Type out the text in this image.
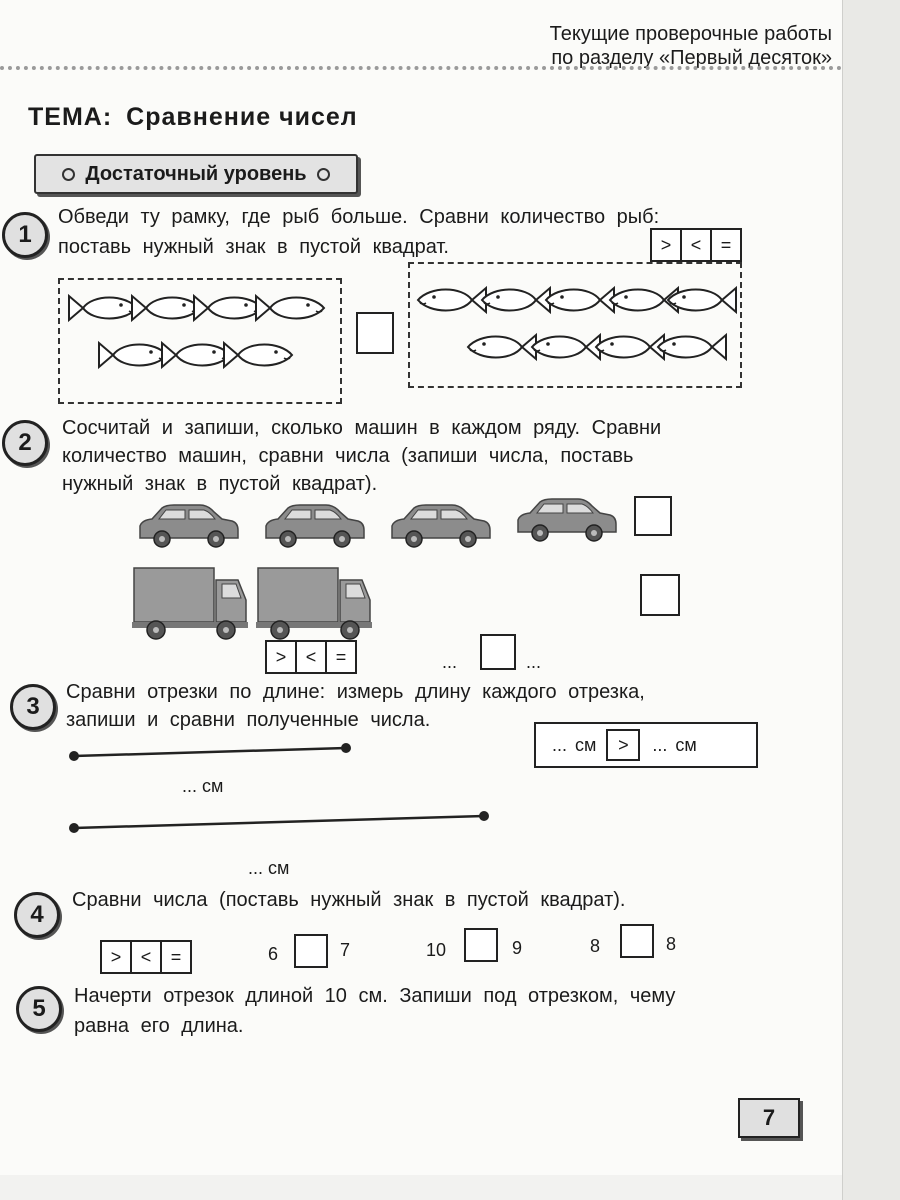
Текущие проверочные работы
по разделу «Первый десяток»
ТЕМА: Сравнение чисел
Достаточный уровень
1
Обведи ту рамку, где рыб больше. Сравни количество рыб:
поставь нужный знак в пустой квадрат.	>	<	=
2
Сосчитай и запиши, сколько машин в каждом ряду. Сравни
количество машин, сравни числа (запиши числа, поставь
нужный знак в пустой квадрат).
>	<	=	...	...
3
Сравни отрезки по длине: измерь длину каждого отрезка,
запиши и сравни полученные числа.
... см	>	... см
... см
... см
4
Сравни числа (поставь нужный знак в пустой квадрат).
>	<	=	6	7	10	9	8	8
5	Начерти отрезок длиной 10 см. Запиши под отрезком, чему
равна его длина.
7
